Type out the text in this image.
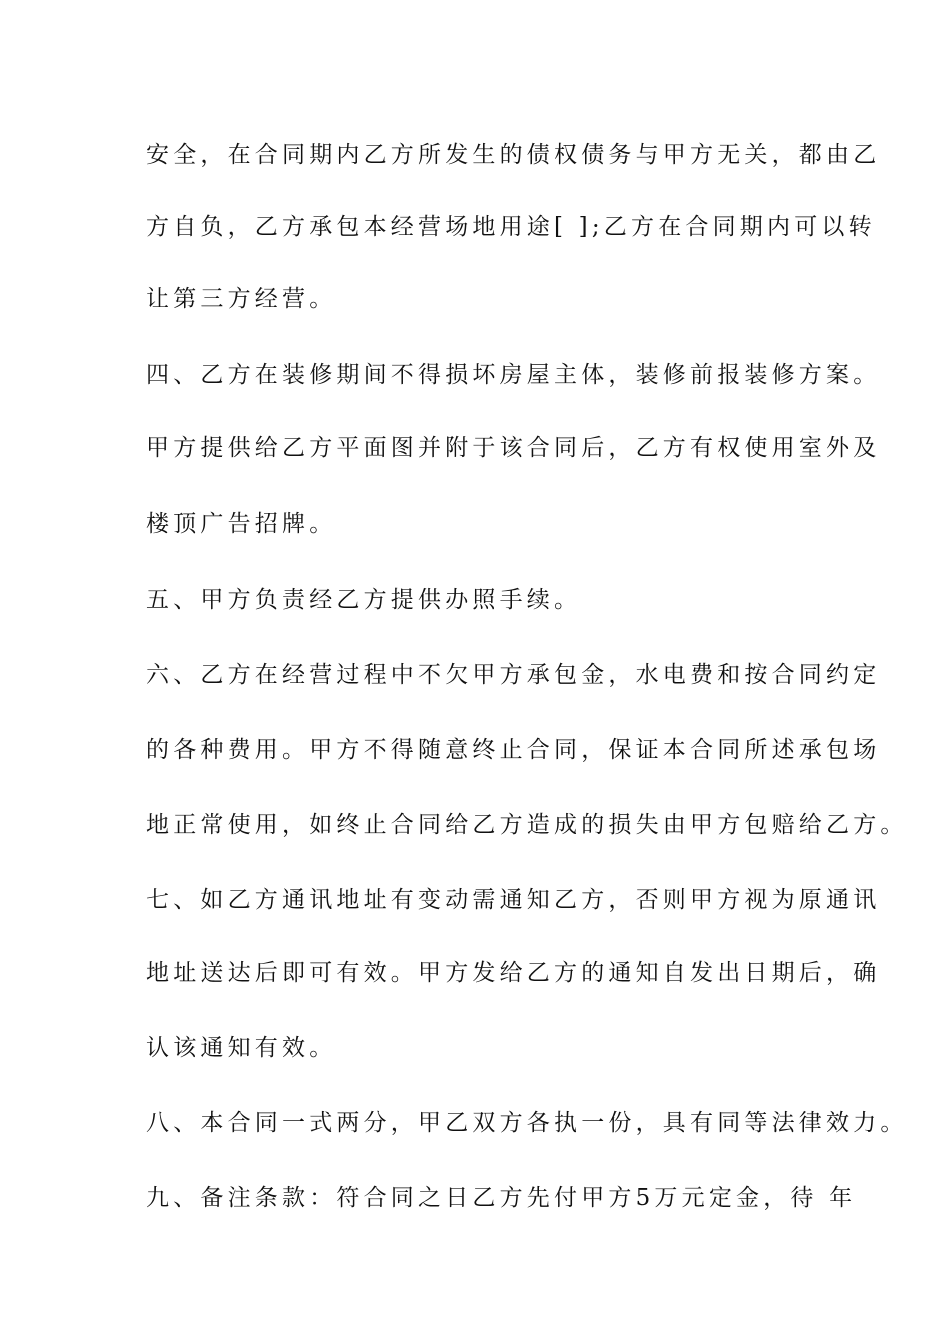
安全，在合同期内乙方所发生的债权债务与甲方无关，都由乙
方自负，乙方承包本经营场地用途[ ];乙方在合同期内可以转
让第三方经营。
四、乙方在装修期间不得损坏房屋主体，装修前报装修方案。
甲方提供给乙方平面图并附于该合同后，乙方有权使用室外及
楼顶广告招牌。
五、甲方负责经乙方提供办照手续。
六、乙方在经营过程中不欠甲方承包金，水电费和按合同约定
的各种费用。甲方不得随意终止合同，保证本合同所述承包场
地正常使用，如终止合同给乙方造成的损失由甲方包赔给乙方。
七、如乙方通讯地址有变动需通知乙方，否则甲方视为原通讯
地址送达后即可有效。甲方发给乙方的通知自发出日期后，确
认该通知有效。
八、本合同一式两分，甲乙双方各执一份，具有同等法律效力。
九、备注条款：符合同之日乙方先付甲方5万元定金，待 年
